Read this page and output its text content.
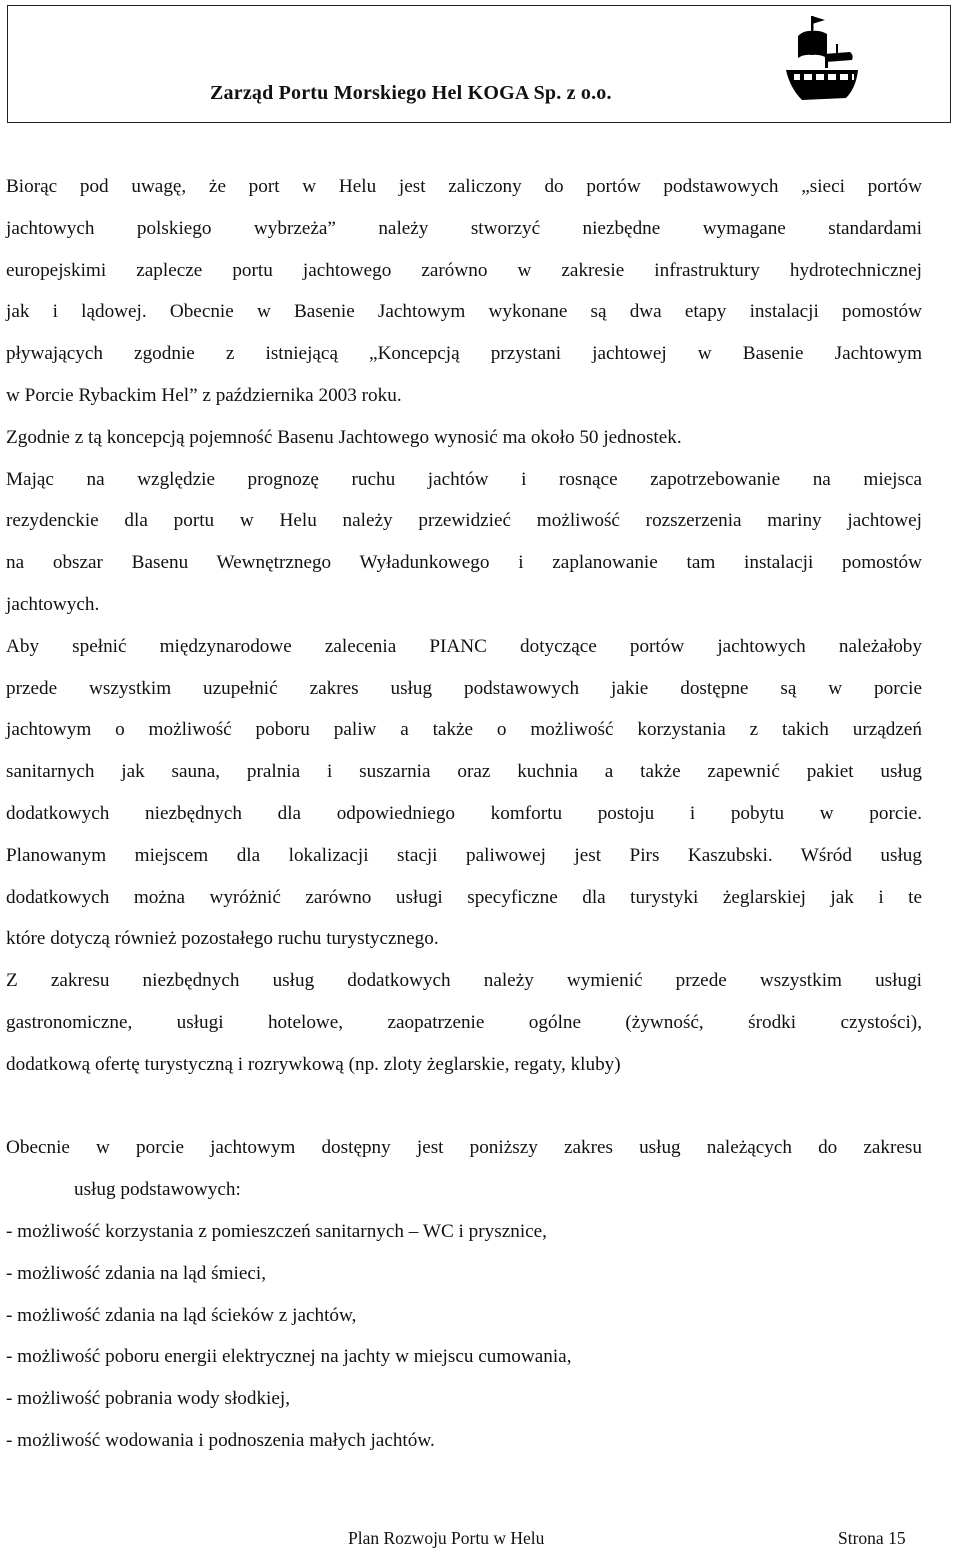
Zarząd Portu Morskiego Hel KOGA Sp. z o.o.
Biorąc pod uwagę, że port w Helu jest zaliczony do portów podstawowych „sieci portów
jachtowych polskiego wybrzeża” należy stworzyć niezbędne wymagane standardami
europejskimi zaplecze portu jachtowego zarówno w zakresie infrastruktury hydrotechnicznej
jak i lądowej. Obecnie w Basenie Jachtowym wykonane są dwa etapy instalacji pomostów
pływających zgodnie z istniejącą „Koncepcją przystani jachtowej w Basenie Jachtowym
w Porcie Rybackim Hel” z października 2003 roku.
Zgodnie z tą koncepcją pojemność Basenu Jachtowego wynosić ma około 50 jednostek.
Mając na względzie prognozę ruchu jachtów i rosnące zapotrzebowanie na miejsca
rezydenckie dla portu w Helu należy przewidzieć możliwość rozszerzenia mariny jachtowej
na obszar Basenu Wewnętrznego Wyładunkowego i zaplanowanie tam instalacji pomostów
jachtowych.
Aby spełnić międzynarodowe zalecenia PIANC dotyczące portów jachtowych należałoby
przede wszystkim uzupełnić zakres usług podstawowych jakie dostępne są w porcie
jachtowym o możliwość poboru paliw a także o możliwość korzystania z takich urządzeń
sanitarnych jak sauna, pralnia i suszarnia oraz kuchnia a także zapewnić pakiet usług
dodatkowych niezbędnych dla odpowiedniego komfortu postoju i pobytu w porcie.
Planowanym miejscem dla lokalizacji stacji paliwowej jest Pirs Kaszubski. Wśród usług
dodatkowych można wyróżnić zarówno usługi specyficzne dla turystyki żeglarskiej jak i te
które dotyczą również pozostałego ruchu turystycznego.
Z zakresu niezbędnych usług dodatkowych należy wymienić przede wszystkim usługi
gastronomiczne, usługi hotelowe, zaopatrzenie ogólne (żywność, środki czystości),
dodatkową ofertę turystyczną i rozrywkową (np. zloty żeglarskie, regaty, kluby)
Obecnie w porcie jachtowym dostępny jest poniższy zakres usług należących do zakresu
usług podstawowych:
- możliwość korzystania z pomieszczeń sanitarnych – WC i prysznice,
- możliwość zdania na ląd śmieci,
- możliwość zdania na ląd ścieków z jachtów,
- możliwość poboru energii elektrycznej na jachty w miejscu cumowania,
- możliwość pobrania wody słodkiej,
- możliwość wodowania i podnoszenia małych jachtów.
Plan Rozwoju Portu w Helu	Strona 15
